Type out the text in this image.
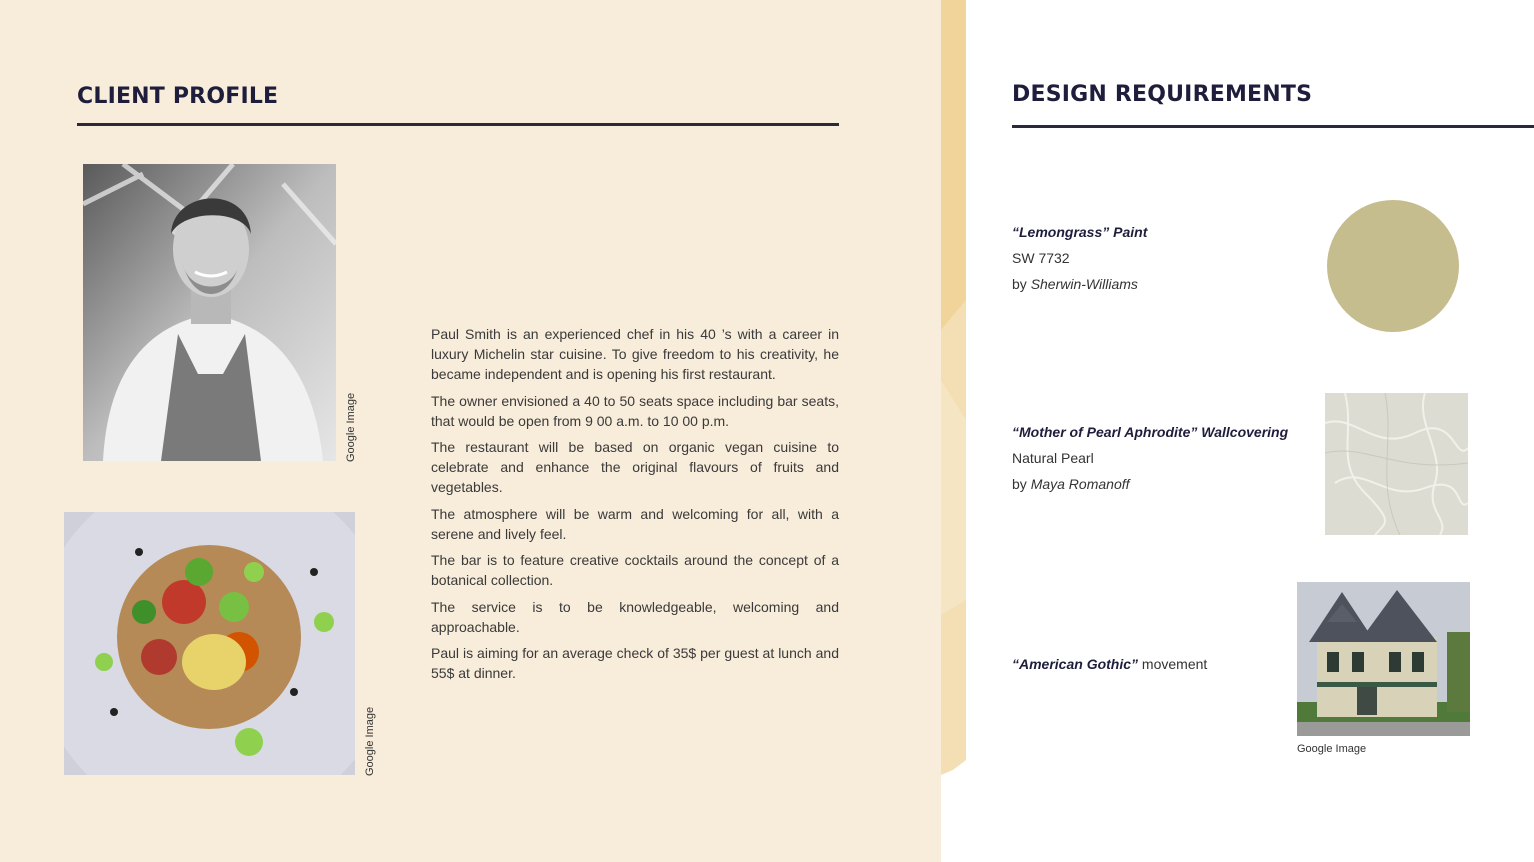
CLIENT PROFILE
Google Image
Google Image

Paul Smith is an experienced chef in his 40 ’s with a career in luxury Michelin star cuisine. To give freedom to his creativity, he became independent and is opening his first restaurant.

The owner envisioned a 40 to 50 seats space including bar seats, that would be open from 9 00 a.m. to 10 00 p.m.

The restaurant will be based on organic vegan cuisine to celebrate and enhance the original flavours of fruits and vegetables.

The atmosphere will be warm and welcoming for all, with a serene and lively feel.

The bar is to feature creative cocktails around the concept of a botanical collection.

The service is to be knowledgeable, welcoming and approachable.

Paul is aiming for an average check of 35$ per guest at lunch and 55$ at dinner.

DESIGN REQUIREMENTS
“Lemongrass” Paint
SW 7732
by Sherwin-Williams
“Mother of Pearl Aphrodite” Wallcovering
Natural Pearl
by Maya Romanoff
“American Gothic” movement
Google Image
